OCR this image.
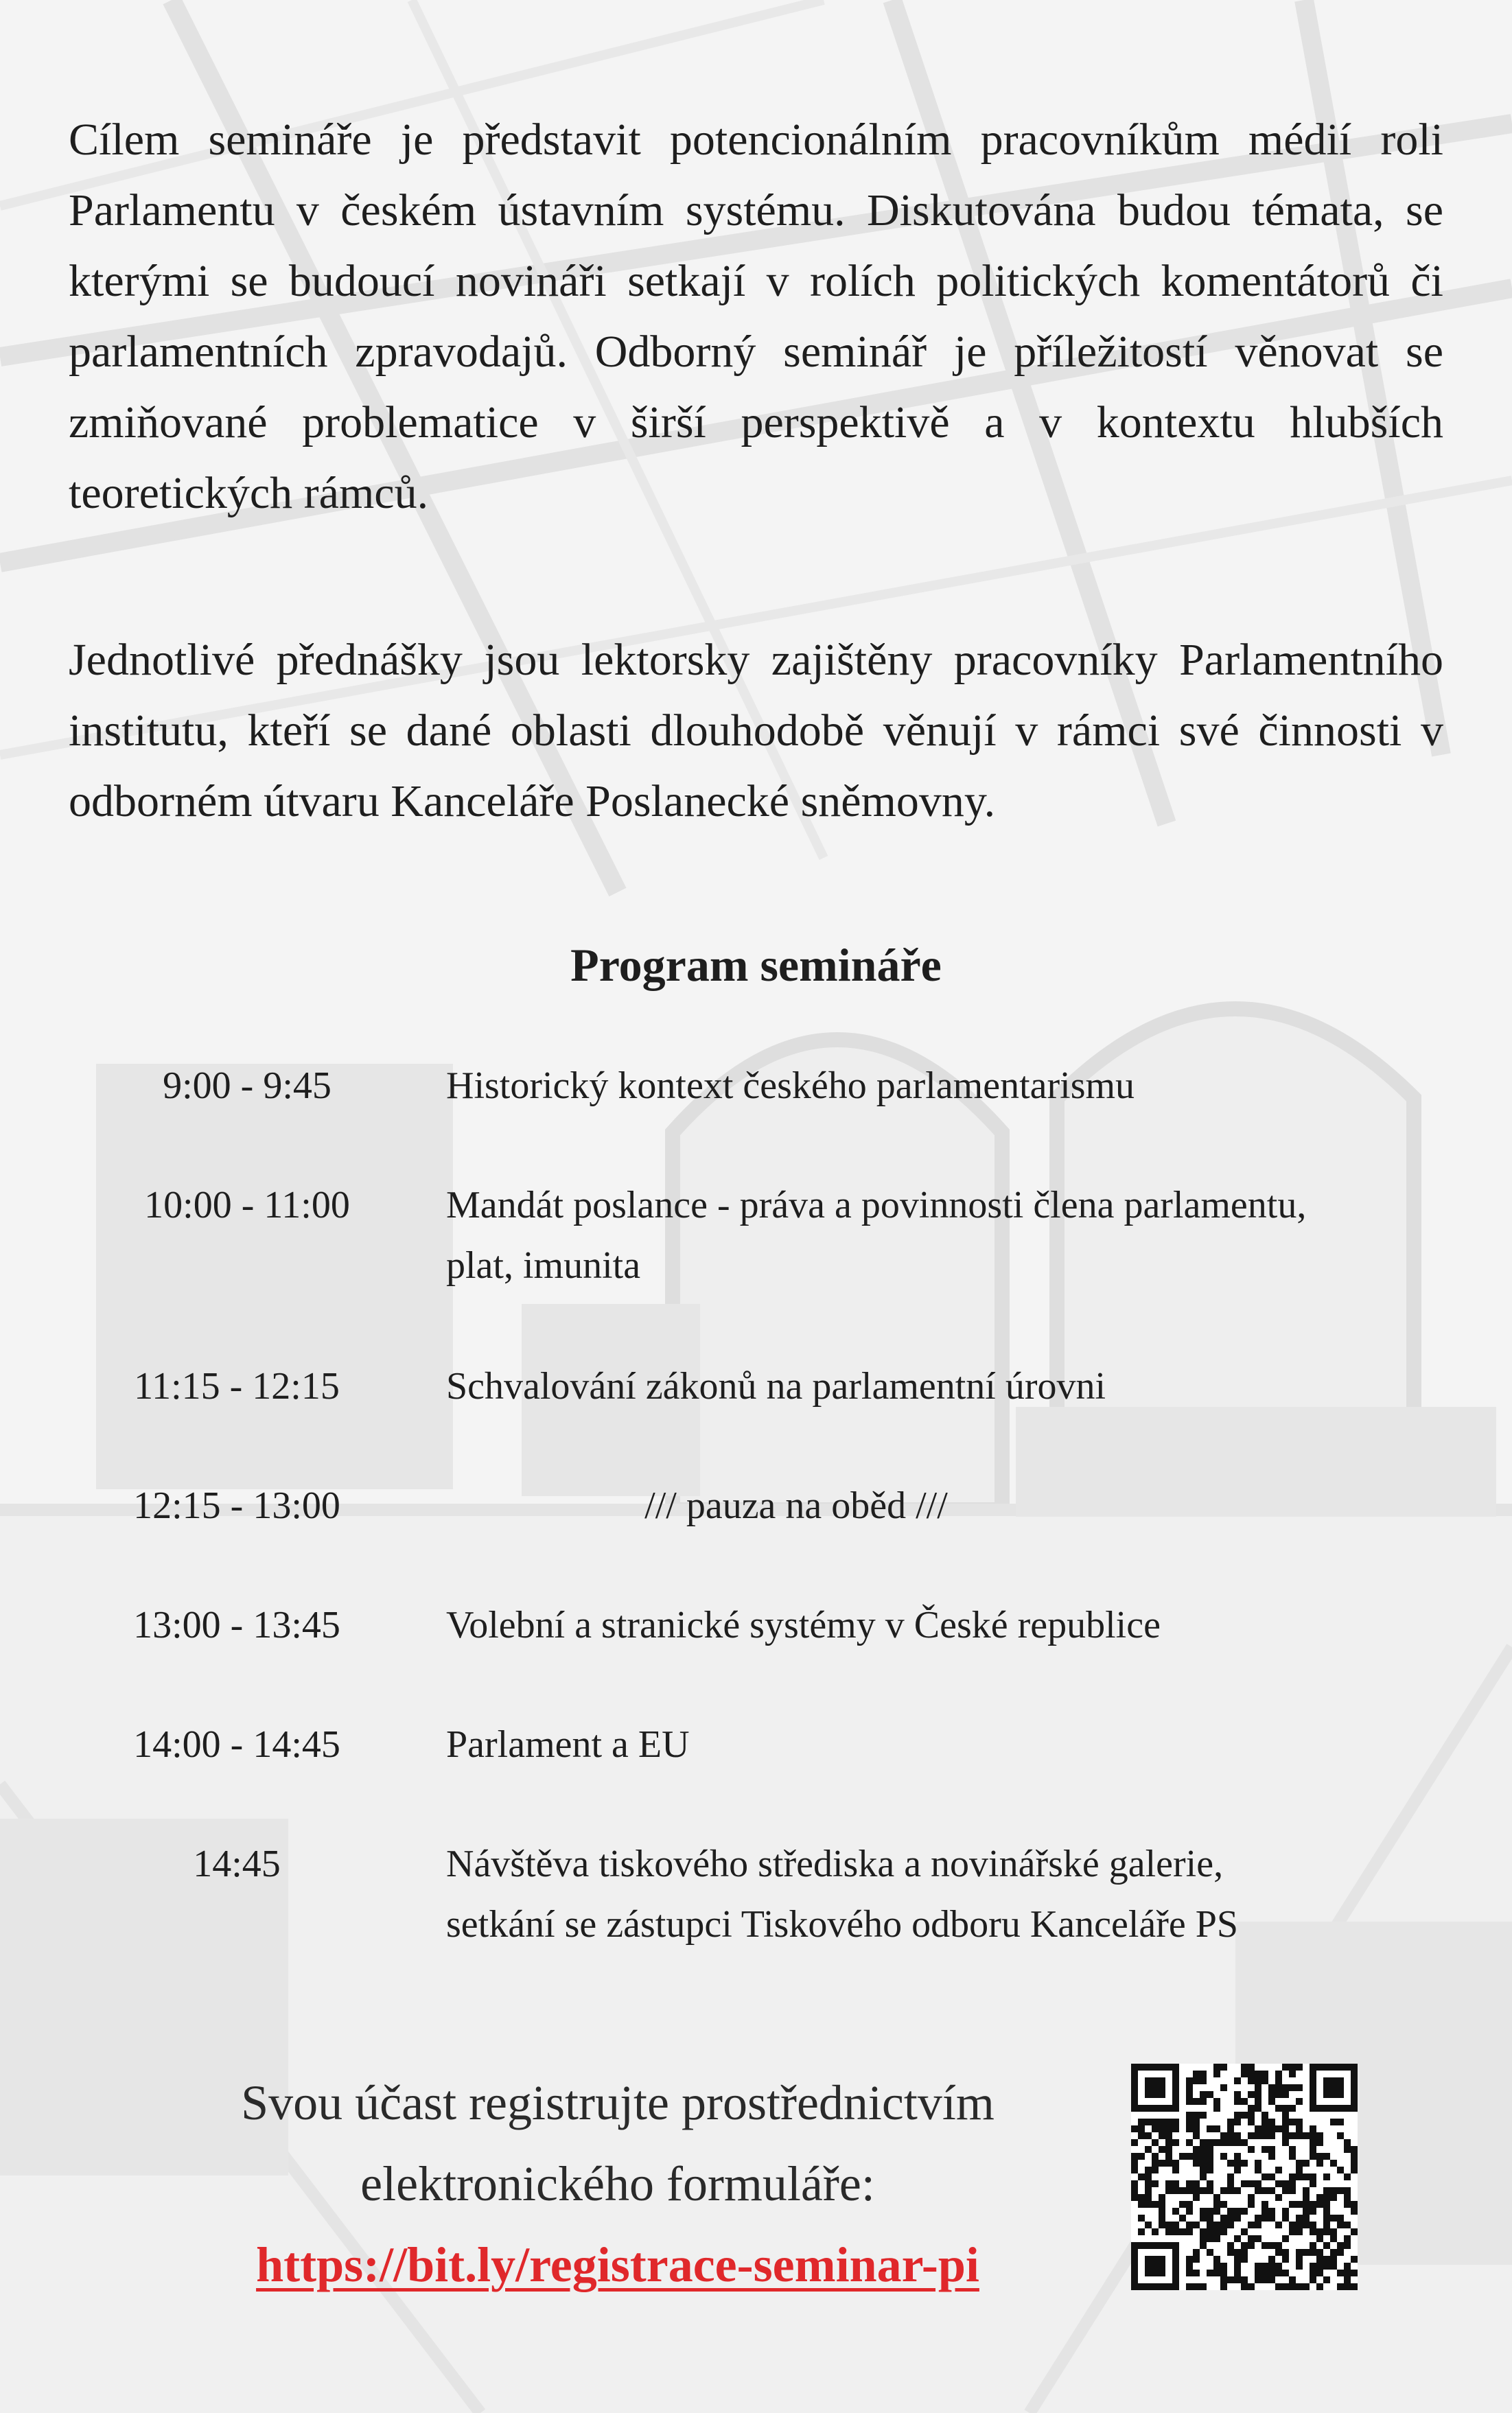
Cílem semináře je představit potencionálním pracovníkům médií roli Parlamentu v českém ústavním systému. Diskutována budou témata, se kterými se budoucí novináři setkají v rolích politických komentátorů či parlamentních zpravodajů. Odborný seminář je příležitostí věnovat se zmiňované problematice v širší perspektivě a v kontextu hlubších teoretických rámců.

Jednotlivé přednášky jsou lektorsky zajištěny pracovníky Parlamentního institutu, kteří se dané oblasti dlouhodobě věnují v rámci své činnosti v odborném útvaru Kanceláře Poslanecké sněmovny.

Program semináře
9:00 - 9:45	Historický kontext českého parlamentarismu
10:00 - 11:00	Mandát poslance - práva a povinnosti člena parlamentu,
plat, imunita
11:15 - 12:15	Schvalování zákonů na parlamentní úrovni
12:15 - 13:00	/// pauza na oběd ///
13:00 - 13:45	Volební a stranické systémy v České republice
14:00 - 14:45	Parlament a EU
14:45	Návštěva tiskového střediska a novinářské galerie,
setkání se zástupci Tiskového odboru Kanceláře PS
Svou účast registrujte prostřednictvím
elektronického formuláře:
https://bit.ly/registrace-seminar-pi
